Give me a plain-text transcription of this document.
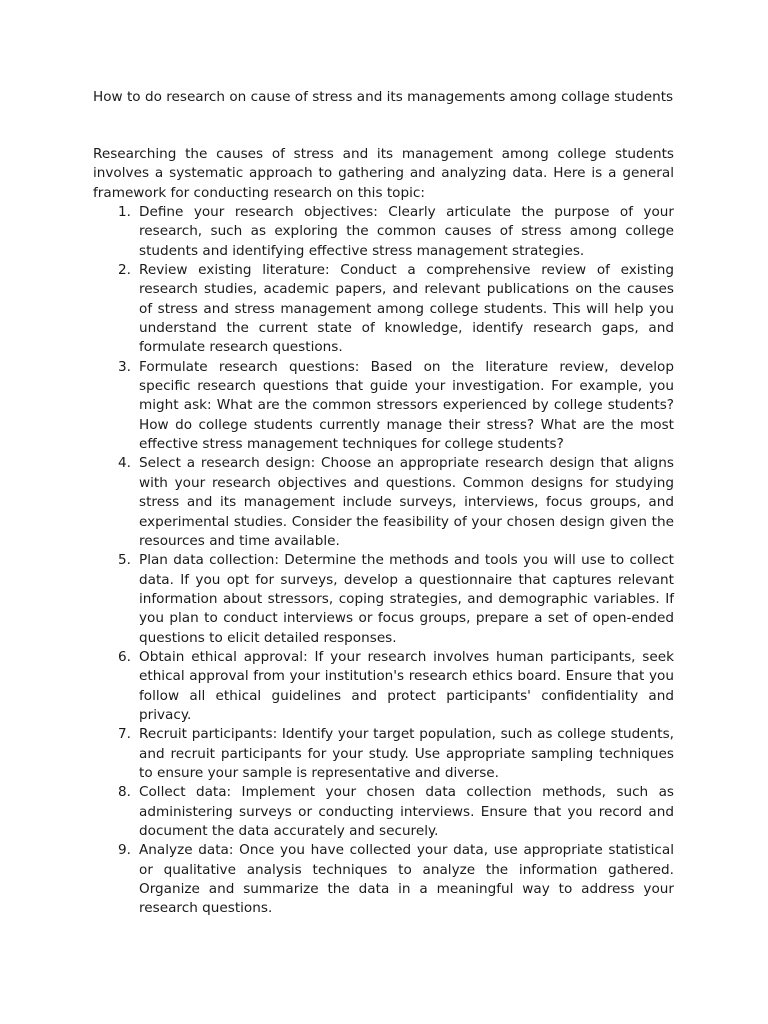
How to do research on cause of stress and its managements among collage students

Researching the causes of stress and its management among college students involves a systematic approach to gathering and analyzing data. Here is a general framework for conducting research on this topic:

1. Define your research objectives: Clearly articulate the purpose of your research, such as exploring the common causes of stress among college students and identifying effective stress management strategies.
2. Review existing literature: Conduct a comprehensive review of existing research studies, academic papers, and relevant publications on the causes of stress and stress management among college students. This will help you understand the current state of knowledge, identify research gaps, and formulate research questions.
3. Formulate research questions: Based on the literature review, develop specific research questions that guide your investigation. For example, you might ask: What are the common stressors experienced by college students? How do college students currently manage their stress? What are the most effective stress management techniques for college students?
4. Select a research design: Choose an appropriate research design that aligns with your research objectives and questions. Common designs for studying stress and its management include surveys, interviews, focus groups, and experimental studies. Consider the feasibility of your chosen design given the resources and time available.
5. Plan data collection: Determine the methods and tools you will use to collect data. If you opt for surveys, develop a questionnaire that captures relevant information about stressors, coping strategies, and demographic variables. If you plan to conduct interviews or focus groups, prepare a set of open-ended questions to elicit detailed responses.
6. Obtain ethical approval: If your research involves human participants, seek ethical approval from your institution's research ethics board. Ensure that you follow all ethical guidelines and protect participants' confidentiality and privacy.
7. Recruit participants: Identify your target population, such as college students, and recruit participants for your study. Use appropriate sampling techniques to ensure your sample is representative and diverse.
8. Collect data: Implement your chosen data collection methods, such as administering surveys or conducting interviews. Ensure that you record and document the data accurately and securely.
9. Analyze data: Once you have collected your data, use appropriate statistical or qualitative analysis techniques to analyze the information gathered. Organize and summarize the data in a meaningful way to address your research questions.
